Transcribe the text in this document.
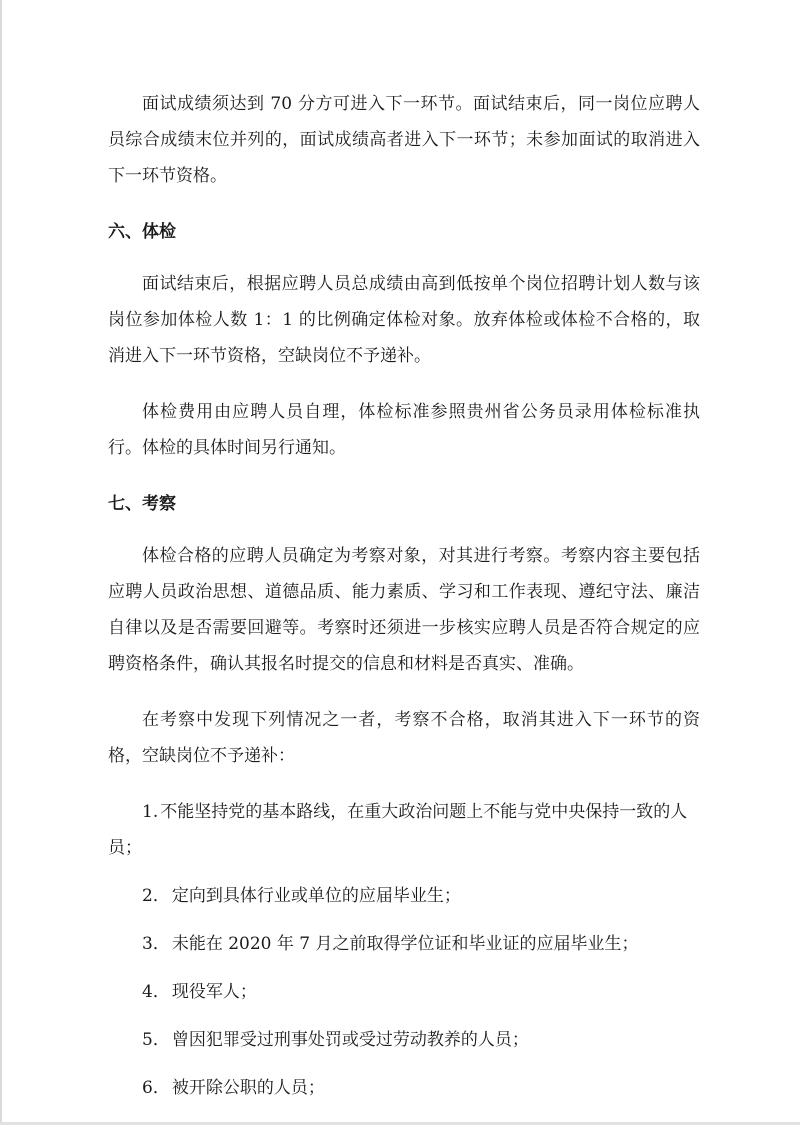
面试成绩须达到 70 分方可进入下一环节。面试结束后，同一岗位应聘人员综合成绩末位并列的，面试成绩高者进入下一环节；未参加面试的取消进入下一环节资格。

六、体检

面试结束后，根据应聘人员总成绩由高到低按单个岗位招聘计划人数与该岗位参加体检人数 1：1 的比例确定体检对象。放弃体检或体检不合格的，取消进入下一环节资格，空缺岗位不予递补。

体检费用由应聘人员自理，体检标准参照贵州省公务员录用体检标准执行。体检的具体时间另行通知。

七、考察

体检合格的应聘人员确定为考察对象，对其进行考察。考察内容主要包括应聘人员政治思想、道德品质、能力素质、学习和工作表现、遵纪守法、廉洁自律以及是否需要回避等。考察时还须进一步核实应聘人员是否符合规定的应聘资格条件，确认其报名时提交的信息和材料是否真实、准确。

在考察中发现下列情况之一者，考察不合格，取消其进入下一环节的资格，空缺岗位不予递补：

1. 不能坚持党的基本路线，在重大政治问题上不能与党中央保持一致的人员；
2． 定向到具体行业或单位的应届毕业生；
3． 未能在 2020 年 7 月之前取得学位证和毕业证的应届毕业生；
4． 现役军人；
5． 曾因犯罪受过刑事处罚或受过劳动教养的人员；
6． 被开除公职的人员；
